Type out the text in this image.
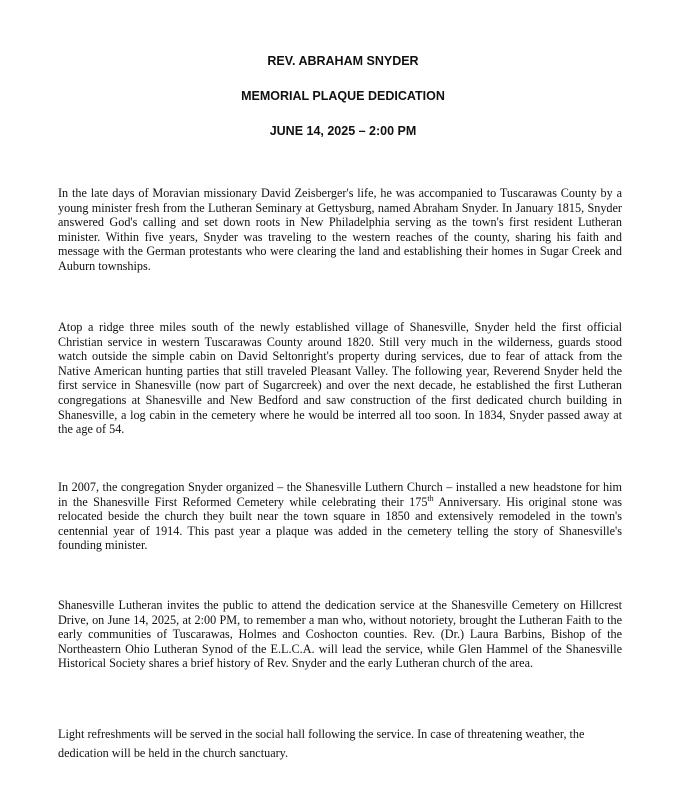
REV. ABRAHAM SNYDER
MEMORIAL PLAQUE DEDICATION
JUNE 14, 2025 – 2:00 PM

In the late days of Moravian missionary David Zeisberger's life, he was accompanied to Tuscarawas County by a young minister fresh from the Lutheran Seminary at Gettysburg, named Abraham Snyder. In January 1815, Snyder answered God's calling and set down roots in New Philadelphia serving as the town's first resident Lutheran minister. Within five years, Snyder was traveling to the western reaches of the county, sharing his faith and message with the German protestants who were clearing the land and establishing their homes in Sugar Creek and Auburn townships.

Atop a ridge three miles south of the newly established village of Shanesville, Snyder held the first official Christian service in western Tuscarawas County around 1820. Still very much in the wilderness, guards stood watch outside the simple cabin on David Seltonright's property during services, due to fear of attack from the Native American hunting parties that still traveled Pleasant Valley. The following year, Reverend Snyder held the first service in Shanesville (now part of Sugarcreek) and over the next decade, he established the first Lutheran congregations at Shanesville and New Bedford and saw construction of the first dedicated church building in Shanesville, a log cabin in the cemetery where he would be interred all too soon. In 1834, Snyder passed away at the age of 54.

In 2007, the congregation Snyder organized – the Shanesville Luthern Church – installed a new headstone for him in the Shanesville First Reformed Cemetery while celebrating their 175th Anniversary. His original stone was relocated beside the church they built near the town square in 1850 and extensively remodeled in the town's centennial year of 1914. This past year a plaque was added in the cemetery telling the story of Shanesville's founding minister.

Shanesville Lutheran invites the public to attend the dedication service at the Shanesville Cemetery on Hillcrest Drive, on June 14, 2025, at 2:00 PM, to remember a man who, without notoriety, brought the Lutheran Faith to the early communities of Tuscarawas, Holmes and Coshocton counties. Rev. (Dr.) Laura Barbins, Bishop of the Northeastern Ohio Lutheran Synod of the E.L.C.A. will lead the service, while Glen Hammel of the Shanesville Historical Society shares a brief history of Rev. Snyder and the early Lutheran church of the area.

Light refreshments will be served in the social hall following the service. In case of threatening weather, the dedication will be held in the church sanctuary.
